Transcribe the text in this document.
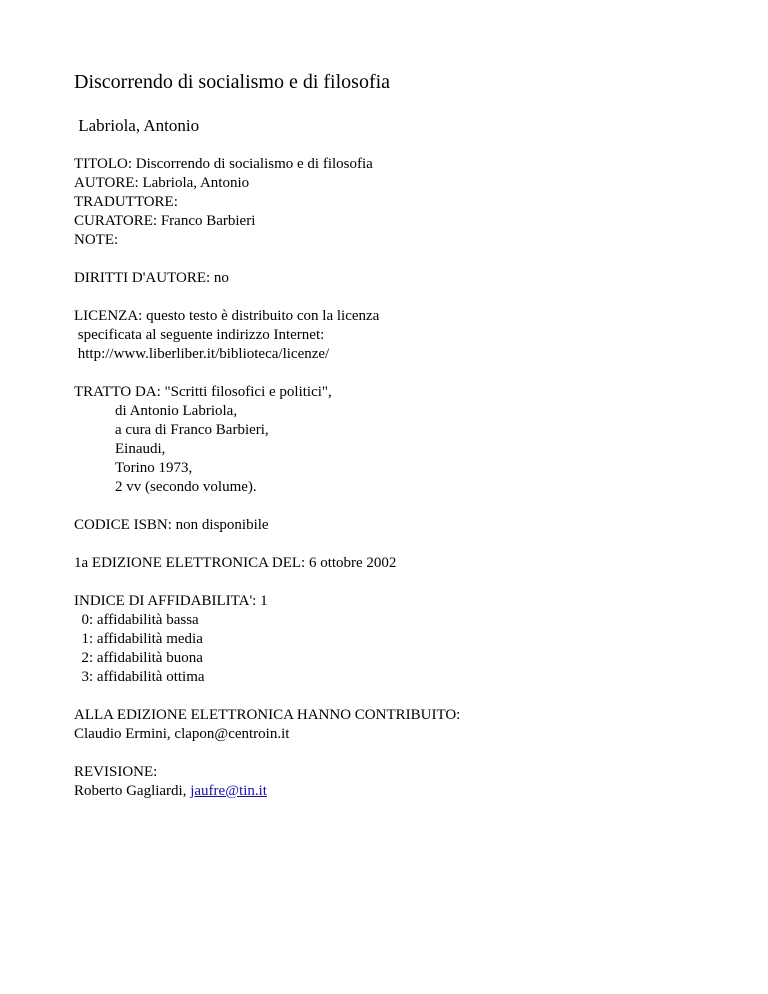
Discorrendo di socialismo e di filosofia
Labriola, Antonio
TITOLO: Discorrendo di socialismo e di filosofia
AUTORE: Labriola, Antonio
TRADUTTORE:
CURATORE: Franco Barbieri
NOTE:
DIRITTI D'AUTORE: no
LICENZA: questo testo è distribuito con la licenza
specificata al seguente indirizzo Internet:
http://www.liberliber.it/biblioteca/licenze/
TRATTO DA: "Scritti filosofici e politici",
di Antonio Labriola,
a cura di Franco Barbieri,
Einaudi,
Torino 1973,
2 vv (secondo volume).
CODICE ISBN: non disponibile
1a EDIZIONE ELETTRONICA DEL: 6 ottobre 2002
INDICE DI AFFIDABILITA': 1
0: affidabilità bassa
1: affidabilità media
2: affidabilità buona
3: affidabilità ottima
ALLA EDIZIONE ELETTRONICA HANNO CONTRIBUITO:
Claudio Ermini, clapon@centroin.it
REVISIONE:
Roberto Gagliardi, jaufre@tin.it
